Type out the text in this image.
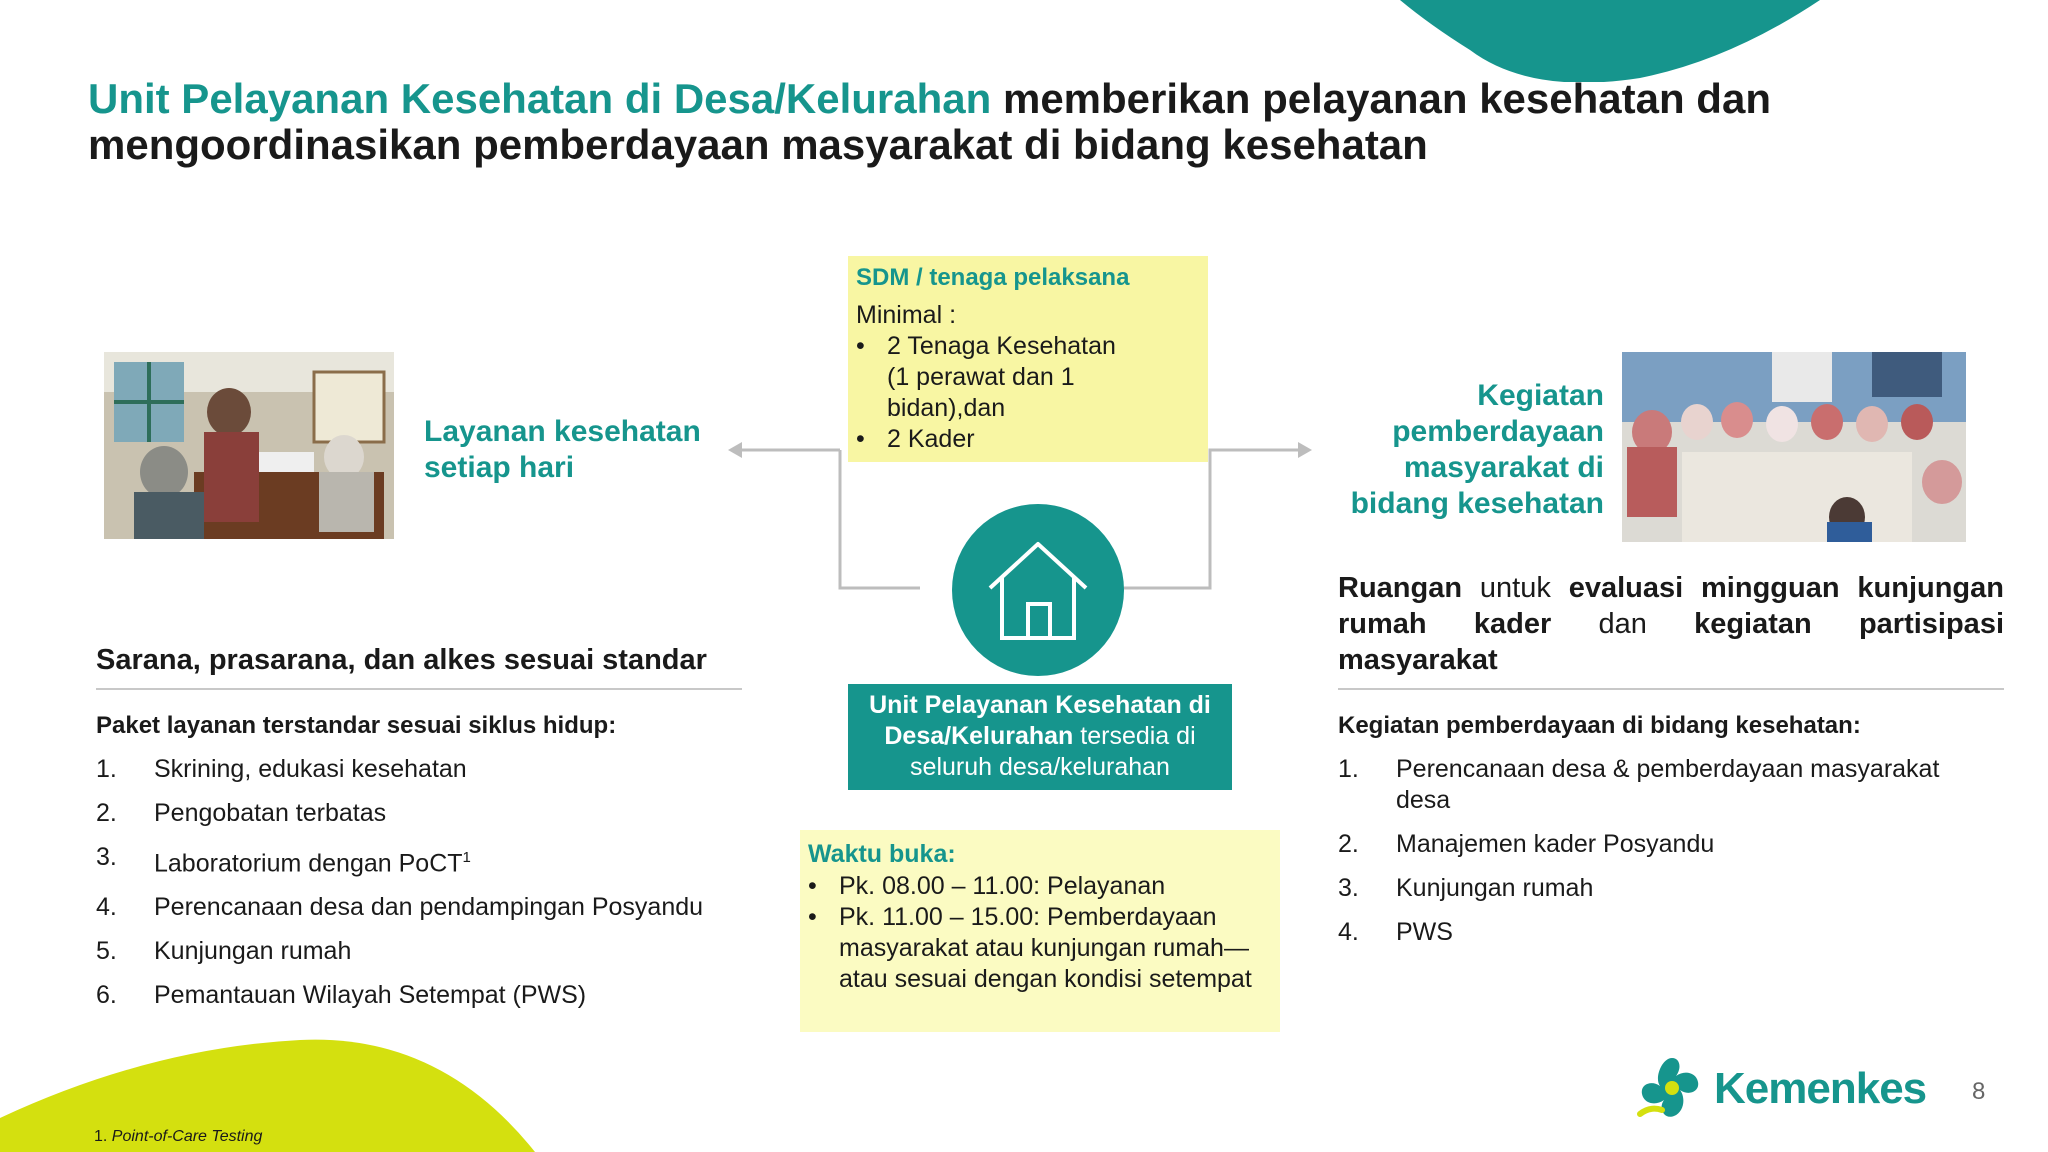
Unit Pelayanan Kesehatan di Desa/Kelurahan memberikan pelayanan kesehatan dan mengoordinasikan pemberdayaan masyarakat di bidang kesehatan
Layanan kesehatan setiap hari
SDM / tenaga pelaksana
Minimal :
• 2 Tenaga Kesehatan (1 perawat dan 1 bidan),dan
• 2 Kader
Unit Pelayanan Kesehatan di Desa/Kelurahan tersedia di seluruh desa/kelurahan
Waktu buka:
• Pk. 08.00 – 11.00: Pelayanan
• Pk. 11.00 – 15.00: Pemberdayaan masyarakat atau kunjungan rumah—atau sesuai dengan kondisi setempat
Sarana, prasarana, dan alkes sesuai standar
Paket layanan terstandar sesuai siklus hidup:
1. Skrining, edukasi kesehatan
2. Pengobatan terbatas
3. Laboratorium dengan PoCT$^1$
4. Perencanaan desa dan pendampingan Posyandu
5. Kunjungan rumah
6. Pemantauan Wilayah Setempat (PWS)
Kegiatan pemberdayaan masyarakat di bidang kesehatan
Ruangan untuk evaluasi mingguan kunjungan rumah kader dan kegiatan partisipasi masyarakat
Kegiatan pemberdayaan di bidang kesehatan:
1. Perencanaan desa & pemberdayaan masyarakat desa
2. Manajemen kader Posyandu
3. Kunjungan rumah
4. PWS
1. Point-of-Care Testing
Kemenkes 8
